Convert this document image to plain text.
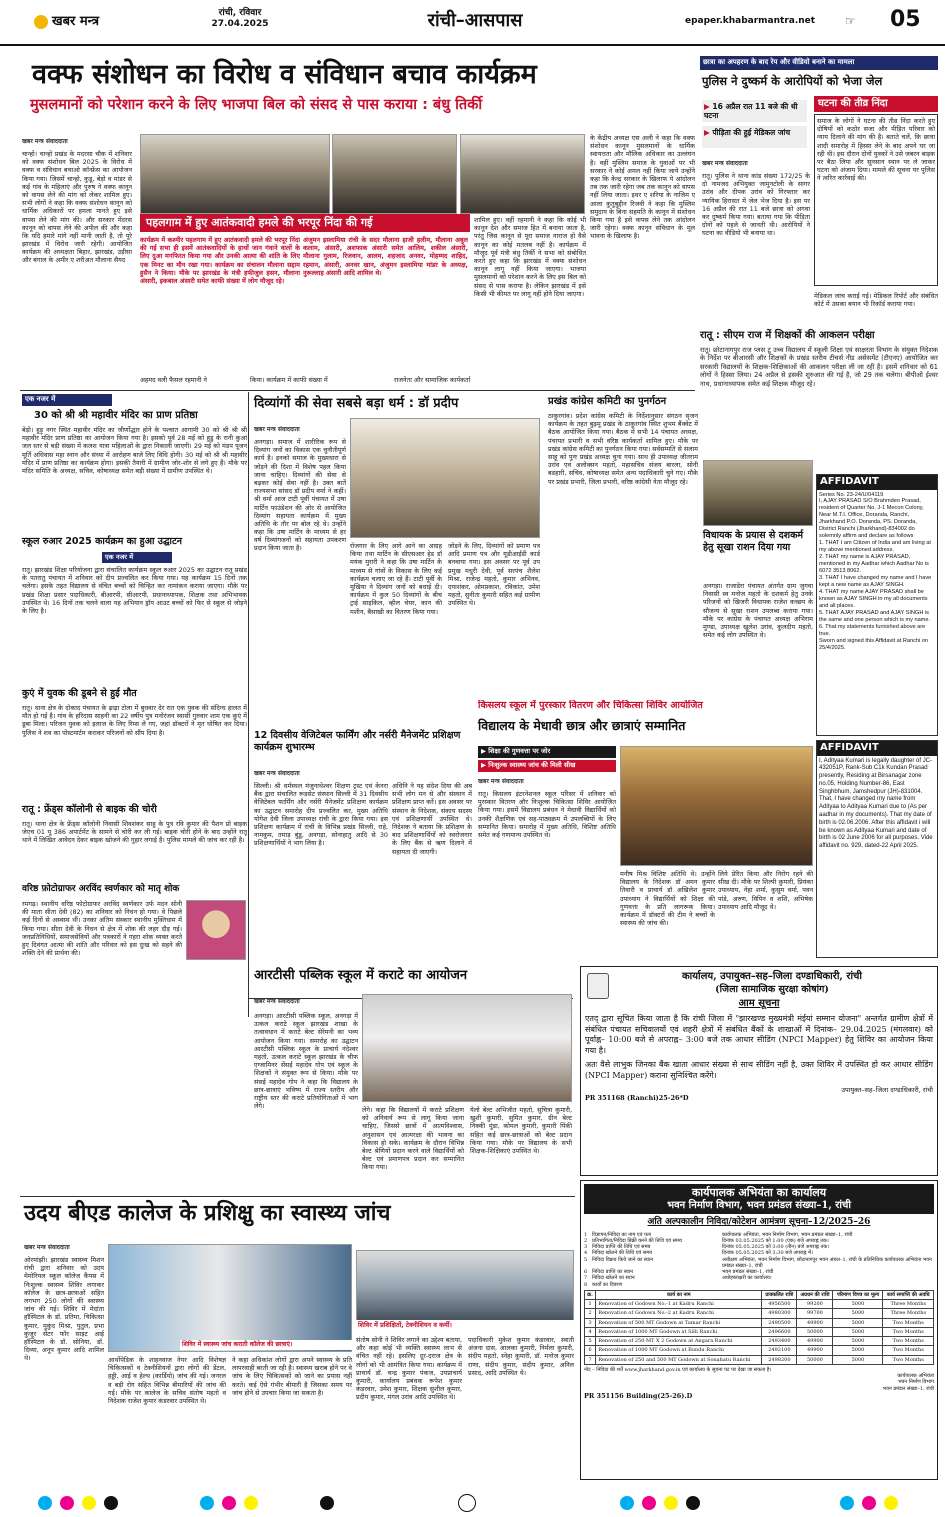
खबर मन्त्र
रांची, रविवार
27.04.2025	रांची–आसपास	epaper.khabarmantra.net ☞ 05
वक्फ संशोधन का विरोध व संविधान बचाव कार्यक्रम
मुसलमानों को परेशान करने के लिए भाजपा बिल को संसद से पास कराया : बंधु तिर्की
खबर मन्त्र संवाददाता
चान्हो। चान्हो प्रखंड के मदरसा चौक में शनिवार को वक्फ संशोधन बिल 2025 के विरोध में वक्फ व संविधान बचाओ कॉन्फ्रेंस का आयोजन किया गया। जिसमें चान्हो, कुडू, बेड़ो व मांडर से कई गांव के महिलाएं और पुरुष ने वक्फ कानून को वापस लेने की मांग को लेकर शामिल हुए। सभी लोगों ने कहा कि वक्फ संशोधन कानून को धार्मिक अधिकारों पर हमला मानते हुए इसे वापस लेने की मांग की। और सरकार मेंदरस कानून को वापस लेने की अपील की और कहा कि यदि हमारे मांगे नहीं मानी जाती है, तो पूरे झारखंड में विरोध जारी रहेगी। आयोजित कार्यक्रम की अध्यक्षता बिहार, झारखंड, उड़ीसा और बंगाल के अमीर ए शरीअत मौलाना सैयद
के केंद्रीय अध्यक्ष एस अली ने कहा कि वक्फ संशोधन कानून मुसलमानों के धार्मिक स्वायत्तता और मौलिक अधिकार का उल्लंघन है। वहीं मुस्लिम समाज के युवाओं पर भी सरकार ने कोई अमल नहीं किया जाये उन्होंने कहा कि केन्द्र सरकार के खिलाफ ये आंदोलन तब तक जारी रहेगा जब तक कानून को वापस नहीं लिया जाता। इधर ए शरिया के नाजिम ए आला कुतुबुद्दीन रिजवी ने कहा कि मुस्लिम समुदाय के बिना सहमति के कानून में संशोधन किया गया है इसे वापस लेने तक आंदोलन जारी रहेगा। वक्फ कानून संविधान के मूल भावना के खिलाफ है।
पहलगाम में हुए आतंकवादी हमले की भरपूर निंदा की गई
कार्यक्रम में कश्मीर पहलगाम में हुए आतंकवादी हमले की भरपूर निंदा की गई सभा ही इसमें आतंकवादियों के हाथों जान गंवाने वालों के लिए दुआ मगफिरत किया गया और उनकी आत्मा की शांति के लिए एक मिनट का मौन रखा गया। कार्यक्रम का संचालन मौलाना सद्दाम हुसैन ने किया। मौके पर झारखंड के मंत्री हफीजुल हसन, मौलाना अंसारी, इकबाल अंसारी समेत काफी संख्या में लोग मौजूद रहे।
अंजुमन इस्लामिया रांची के सदर मौलाना हाजी हलीम, मौलाना अबुल कलाम, अंसारी, अशफाक अंसारी समेत आलिम, शकील अंसारी, मौलाना गुलाम, रिजवान, आलम, शहजाद अनवर, मोहम्मद शाहिद, रहमान, अंसारी, अनवर खान, अंजुमन इस्लामिया मांडर के अध्यक्ष, नुरूल्लाह अंसारी आदि शामिल थे।
शामिल हुए। वहीं रहमानी ने कहा कि कोई भी कानून देश और समाज हित में बनाया जाता है, परंतु जिस कानून से पूरा समाज नाराज हो वैसे कानून का कोई मतलब नहीं है। कार्यक्रम में मौजूद पूर्व मंत्री बंधु तिर्की ने सभा को संबोधित करते हुए कहा कि झारखंड में वक्फ संशोधन कानून लागू नहीं किया जाएगा। भाजपा मुसलमानों को परेशान करने के लिए इस बिल को संसद से पास कराया है। लेकिन झारखंड में इसे किसी भी कीमत पर लागू नहीं होने दिया जाएगा।
अहमद वली फैसल रहमानी ने	किया। कार्यक्रम में काफी संख्या में	राजनेता और सामाजिक कार्यकर्ता
छात्रा का अपहरण के बाद रेप और वीडियो बनाने का मामला
पुलिस ने दुष्कर्म के आरोपियों को भेजा जेल
▶ 16 अप्रैल रात 11 बजे की थी घटना
▶ पीड़िता की हुई मेडिकल जांच
खबर मन्त्र संवाददाता
रातू। पुलिस ने थाना कांड संख्या 172/25 के दो नामजद अभियुक्त जामुनटोली के सागर उरांव और दीपक उरांव को गिरफ्तार कर न्यायिक हिरासत में जेल भेज दिया है। इस पर 16 अप्रैल की रात 11 बजे छात्रा को अगवा कर दुष्कर्म किया गया। बताया गया कि पीड़िता दोनों को पहले से जानती थी। आरोपियों ने घटना का वीडियो भी बनाया था।
घटना की तीव्र निंदा
समाज के लोगों ने घटना की तीव्र निंदा करते हुए दोषियों को कठोर सजा और पीड़ित परिवार को न्याय दिलाने की मांग की है। बताते चलें, कि छात्रा शादी समारोह में हिस्सा लेने के बाद अपने घर जा रही थी। इस दौरान दोनों युवकों ने उसे जबरन बाइक पर बैठा लिया और सुनसान स्थान पर ले जाकर घटना को अंजाम दिया। मामले की सूचना पर पुलिस ने त्वरित कार्रवाई की।
मेडिकल जांच कराई गई। मेडिकल रिपोर्ट और संबंधित कोर्ट में उसका बयान भी रिकॉर्ड कराया गया।
रातू : सीएम राज में शिक्षकों की आकलन परीक्षा
रातू। छोटानागपुर राज प्लस टू उच्च विद्यालय में स्कूली शिक्षा एवं साक्षरता विभाग के संयुक्त निदेशक के निर्देश पर बीआरसी और शिक्षकों के प्रखंड स्तरीय टीचर्स नीड असेसमेंट (टीएनए) आयोजित कर सरकारी विद्यालयों के शिक्षक-शिक्षिकाओं की आकलन परीक्षा ली जा रही है। इसमें शनिवार को 61 लोगों ने हिस्सा लिया। 24 अप्रैल से इसकी शुरुआत की गई है, जो 29 तक चलेगा। बीपीओ ईश्वर नाथ, प्रधानाध्यापक समेत कई शिक्षक मौजूद रहे।
एक नजर में
30 को श्री श्री महावीर मंदिर का प्राण प्रतिष्ठा
बेड़ो। हुड़ु नगर स्थित महावीर मंदिर का जीर्णोद्धार होने के पश्चात आगामी 30 को श्री श्री श्री महावीर मंदिर प्राण प्रतिष्ठा का आयोजन किया गया है। इसको पूर्व 28 मई को हुडु के रानी कुआं जल स्तर से बड़ी संख्या में कलश यात्रा महिलाओं के द्वारा निकाली जाएगी। 29 मई को मंडप पूजन मूर्ति अधिवास महा स्नान और संध्या में आरोहण बाजे लिए विधि होगी। 30 मई को श्री श्री महावीर मंदिर में प्राण प्रतिष्ठा का कार्यक्रम होगा। इसकी तैयारी में ग्रामीण जोर-शोर से लगे हुए हैं। मौके पर मंदिर समिति के अध्यक्ष, सचिव, कोषाध्यक्ष समेत बड़ी संख्या में ग्रामीण उपस्थित थे।
स्कूल रुआर 2025 कार्यक्रम का हुआ उद्घाटन
एक नजर में
रातू। झारखंड शिक्षा परियोजना द्वारा संचालित कार्यक्रम स्कूल रुआर 2025 का उद्घाटन रातू प्रखंड के पतरातु पंचायत में शनिवार को दीप प्रज्वलित कर किया गया। यह कार्यक्रम 15 दिनों तक चलेगा। इसके तहत विद्यालय से वंचित बच्चों को चिन्हित कर नामांकन कराया जाएगा। मौके पर प्रखंड शिक्षा प्रसार पदाधिकारी, बीआरपी, सीआरपी, प्रधानाध्यापक, शिक्षक तथा अभिभावक उपस्थित थे। 16 दिनों तक चलने वाला यह अभियान ड्रॉप आउट बच्चों को फिर से स्कूल से जोड़ने के लिए है।
कुएं में युवक की डूबने से हुई मौत
रातू। थाना क्षेत्र के दोकाद पंचायत के ढ़ाढ़ा टोला में बुधवार देर रात एक युवक की संदिग्ध हालत में मौत हो गई है। गांव के हरिदास साहनी का 22 वर्षीय पुत्र मनोरंजन स्वासी गुरुवार शाम एक कुएं में डूबा मिला। परिजन युवक को इलाज के लिए रिम्स ले गए, जहां डॉक्टरों ने मृत घोषित कर दिया। पुलिस ने शव का पोस्टमार्टम कराकर परिजनों को सौंप दिया है।
रातू : फ्रेंड्स कॉलोनी से बाइक की चोरी
रातू। थाना क्षेत्र के फ्रेंड्स कॉलोनी निवासी शिवशंकर साहु के पुत्र रवि कुमार की पैशन प्रो बाइक जेएच 01 यू 386 अपार्टमेंट के सामने से चोरी कर ली गई। बाइक चोरी होने के बाद उन्होंने रातू थाने में लिखित आवेदन देकर बाइक खोजने की गुहार लगाई है। पुलिस मामले की जांच कर रही है।
वरिष्ठ फ़ोटोग्राफर अरविंद स्वर्णकार को मातृ शोक
रमगढ़। स्थानीय वरिष्ठ फोटोग्राफर अरविंद स्वर्णकार उर्फ मदन सोनी की माता सीता देवी (82) का शनिवार को निधन हो गया। वे पिछले कई दिनों से अस्वस्थ थीं। उनका अंतिम संस्कार स्थानीय मुक्तिधाम में किया गया। सीता देवी के निधन से क्षेत्र में शोक की लहर दौड़ गई। जनप्रतिनिधियों, समाजसेवियों और पत्रकारों ने गहरा शोक व्यक्त करते हुए दिवंगत आत्मा की शांति और परिवार को इस दुःख को सहने की शक्ति देने की प्रार्थना की।
दिव्यांगों की सेवा सबसे बड़ा धर्म : डॉ प्रदीप
खबर मन्त्र संवाददाता
अनगड़ा। समाज में शारीरिक रूप से दिव्यांग जनों का विकास एक चुनौतीपूर्ण कार्य है। इनको समाज के मुख्यधारा से जोड़ने की दिशा में विशेष पहल किया जाना चाहिए। दिव्यांगों की सेवा से बढ़कर कोई सेवा नहीं है। उक्त बातें राज्यसभा सांसद डॉ प्रदीप वर्मा ने कहीं। श्री वर्मा आज टाटी पूर्वी पंचायत में उषा मार्टिन फाउंडेशन की ओर से आयोजित दिव्यांग सहायता कार्यक्रम में मुख्य अतिथि के तौर पर बोल रहे थे। उन्होंने कहा कि उषा मार्टिन के माध्यम से हर वर्ष दिव्यांगजनों को सहायता उपकरण प्रदान किया जाता है।	रोजगार के लिए आगे आने का आग्रह किया तथा मार्टिन के सीएसआर हेड डॉ मयंक मुरारी ने कहा कि उषा मार्टिन के माध्यम से गांवों के विकास के लिए कई कार्यक्रम चलाए जा रहे हैं। टाटी पूर्वी के मुखिया ने दिव्यांग जनों को बधाई दी। कार्यक्रम में कुल 50 दिव्यांगों के बीच ट्राई साइकिल, व्हील चेयर, कान की मशीन, बैसाखी का वितरण किया गया।
जोड़ने के लिए, दिव्यांगों को प्रमाण पत्र आदि प्रमाण पत्र और यूडीआईडी कार्ड बनवाया गया। इस अवसर पर पूर्व उप प्रमुख मधुरी देवी, पूर्व सरपंच शैलेश मिश्रा, राजेन्द्र महतो, कुमार अभिनव, दयाशंकर, ओमप्रकाश, रविकांत, उमेश महतो, सुनीता कुमारी सहित कई ग्रामीण उपस्थित थे।
प्रखंड कांग्रेस कमिटी का पुनर्गठन
ठाकुरगांव। प्रदेश कांग्रेस कमिटी के निर्देशानुसार संगठन सृजन कार्यक्रम के तहत बुढ़मू प्रखंड के ठाकुरगांव स्थित शुभम बैंक्वेट में बैठक आयोजित किया गया। बैठक में सभी 14 पंचायत अध्यक्ष, पंचायत प्रभारी व सभी वरिष्ठ कार्यकर्ता शामिल हुए। मौके पर प्रखंड कांग्रेस कमिटी का पुनर्गठन किया गया। सर्वसम्मति से सलाम साहू को पुनः प्रखंड अध्यक्ष चुना गया। साथ ही उपाध्यक्ष जीतराम उरांव एवं अलोक्सन महतो, महासचिव संजय बारला, सोनी बडहारी, सचिव, कोषाध्यक्ष समेत अन्य पदाधिकारी चुने गए। मौके पर प्रखंड प्रभारी, जिला प्रभारी, वरिष्ठ कांग्रेसी नेता मौजूद रहे।
विधायक के प्रयास से दशकर्म हेतु सूखा राशन दिया गया
अनगड़ा। राजाडेरा पंचायत अंतर्गत ग्राम जुगवा निवासी स्व मनोज महतो के दशकर्म हेतु उनके परिजनों को खिजरी विधायक राजेश कच्छप के सौजन्य से सूखा राशन उपलब्ध कराया गया। मौके पर कांग्रेस के पंचायत अध्यक्ष अभिराम मुण्डा, उपाध्यक्ष खुलेश उरांव, कुलदीप महतो, समेत कई लोग उपस्थित थे।
AFFIDAVIT
Series No. 23-24/U/04119
I, AJAY PRASAD S/O Brahmdeo Prasad, resident of Quarter No. J-1 Mecon Colony, Near M.T.I. Office, Doranda, Ranchi, Jharkhand P.O. Doranda, PS. Doranda, District Ranchi (Jharkhand)-834002 do solemnly affirm and declare as follows
1. THAT I am Citizen of India and am living at my above mentioned address.
2. THAT my name is AJAY PRASAD, mentioned in my Aadhar which Aadhar No is 6072 3513 8062.
3. THAT I have changed my name and I have kept a new name as AJAY SINGH.
4. THAT my name AJAY PRASAD shall be known as AJAY SINGH in my all documents and all places.
5. THAT AJAY PRASAD and AJAY SINGH is the same and one person which is my name.
6. That my statements furnished above are true.
Sworn and signed this Affidavit at Ranchi on 25/4/2025.
AFFIDAVIT
I, Adityaa Kumari is legally daughter of JC-432051P, Rank-Sub C1k Kundan Prasad presently, Residing at Birsanagar zone no.05, Holding Number-86, East Singhbhum, Jamshedpur (JH)-831004. That, I have changed my name from Adityaa to Adityaa Kumari due to (As per aadhar in my documents). That my date of birth is 02.06.2006. After this affidavit i will be known as Adityaa Kumari and date of birth is 02 June 2006 for all purposes. Vide affidavit no. 929, dated-22 April 2025.
12 दिवसीय वेजिटेबल फार्मिंग और नर्सरी मैनेजमेंट प्रशिक्षण कार्यक्रम शुभारम्भ
खबर मन्त्र संवाददाता
सिल्ली। श्री धर्मस्थल मंजुनाथेश्वर शिक्षण ट्रस्ट एवं केनरा बैंक द्वारा संचालित रूडसेट संस्थान सिल्ली में 31 दिवसीय वेजिटेबल फार्मिंग और नर्सरी मैनेजमेंट प्रशिक्षण कार्यक्रम का उद्घाटन समारोह दीप प्रज्वलित कर, मुख्य अतिथि योगेश देवी जिला उपाध्यक्ष रांची के द्वारा किया गया। इस प्रशिक्षण कार्यक्रम में रांची के विभिन्न प्रखंड सिल्ली, राहे, नामकुम, तमाड़ बुंडू, अनगड़ा, सोनाहातु आदि से 30 प्रशिक्षणार्थियों ने भाग लिया है।
अधिनि ने यह संदेश दिया की अब सभी लोग मन से और संस्थान में प्रशिक्षण प्राप्त करें। इस अवसर पर संस्थान के निदेशक, संकाय सदस्य एवं प्रशिक्षणार्थी उपस्थित थे। निदेशक ने बताया कि प्रशिक्षण के बाद प्रशिक्षणार्थियों को स्वरोजगार के लिए बैंक से ऋण दिलाने में सहायता दी जाएगी।
किसलय स्कूल में पुरस्कार वितरण और चिकित्सा शिविर आयोजित
विद्यालय के मेधावी छात्र और छात्राएं सम्मानित
▶ शिक्षा की गुणवत्ता पर जोर
▶ निःशुल्क स्वास्थ्य जांच की मिली सीख
खबर मन्त्र संवाददाता
रातू। किसलय इंटरनेशनल स्कूल परिसर में शनिवार को पुरस्कार वितरण और निःशुल्क चिकित्सा शिविर आयोजित किया गया। इसमें विद्यालय प्रबंधन ने मेधावी विद्यार्थियों को उनकी शैक्षणिक एवं सह-पाठ्यक्रम में उपलब्धियों के लिए सम्मानित किया। समारोह में मुख्य अतिथि, विशिष्ट अतिथि समेत कई गणमान्य उपस्थित थे।
मनीष मिश्र विशिष्ट अतिथि थे। उन्होंने विद्यालय के निदेशक डॉ अमन कुमार तिवारी व प्राचार्य डॉ अखिलेश कुमार उपाध्याय ने विद्यार्थियों को शिक्षा की गुणवत्ता के प्रति जागरूक किया। कार्यक्रम में डॉक्टरों की टीम ने बच्चों के स्वास्थ्य की जांच की।
लिये प्रेरित किया और निरोग रहने की सीख दी। मौके पर शिल्पी कुमारी, प्रियंका उपाध्याय, नेहा शर्मा, कुसुम वर्मा, पवन पांडे, अरुण, विपिन व शशि, अभिषेक उपाध्याय आदि मौजूद थे।
आरटीसी पब्लिक स्कूल में कराटे का आयोजन
खबर मन्त्र संवाददाता
अनगड़ा। आरटीसी पब्लिक स्कूल, अनगड़ा में उत्कल कराटे स्कूल झारखंड शाखा के तत्वावधान में कराटे बेल्ट सेरेमनी का भव्य आयोजन किया गया। समारोह का उद्घाटन आरटीसी पब्लिक स्कूल के प्राचार्य नंदेश्वर महतो, उत्कल कराटे स्कूल झारखंड के चीफ एग्जामिनर सेंसई महादेव गोप एवं स्कूल के शिक्षकों ने संयुक्त रूप से किया। मौके पर संसई महादेव गोप ने कहा कि विद्यालय के छात्र-छात्राएं भविष्य में राज्य स्तरीय और राष्ट्रीय स्तर की कराटे प्रतियोगिताओं में भाग लेंगे।	लेंगे। कहा कि विद्यालयों में कराटे प्रशिक्षण को अनिवार्य रूप से लागू किया जाना चाहिए, जिससे छात्रों में आत्मविश्वास, अनुशासन एवं आत्मरक्षा की भावना का विकास हो सके। कार्यक्रम के दौरान विभिन्न बेल्ट श्रेणियों प्रदान करने वाले विद्यार्थियों को बेल्ट एवं प्रमाणपत्र प्रदान कर सम्मानित किया गया।
येलो बेल्ट अभिजीत महतो, सुचित्रा कुमारी, खुशी कुमारी, सुमित कुमार, ग्रीन बेल्ट निक्की मुंडा, कोमल कुमारी, कुमारी पिंकी सहित कई छात्र-छात्राओं को बेल्ट प्रदान किया गया। मौके पर विद्यालय के सभी शिक्षक-शिक्षिकाएं उपस्थित थे।
कार्यालय, उपायुक्त–सह–जिला दण्डाधिकारी, रांची
(जिला सामाजिक सुरक्षा कोषांग)
आम सूचना
एतद् द्वारा सूचित किया जाता है कि रांची जिला में "झारखण्ड मुख्यमंत्री मंईयां सम्मान योजना" अन्तर्गत ग्रामीण क्षेत्रों में संबंधित पंचायत सचिवालयों एवं शहरी क्षेत्रों में संबंधित बैंकों के शाखाओं में दिनांक– 29.04.2025 (मंगलवार) को पूर्वाह्न– 10:00 बजे से अपराह्न– 3:00 बजे तक आधार सीडिंग (NPCI Mapper) हेतु शिविर का आयोजन किया गया है।
अतः वैसे लाभुक जिनका बैंक खाता आधार संख्या से साथ सीडिंग नहीं है, उक्त शिविर में उपस्थित हो कर आधार सीडिंग (NPCI Mapper) कराना सुनिश्चित करेंगे।
उपायुक्त–सह–जिला दण्डाधिकारी, रांची
PR 351168 (Ranchi)25-26*D
कार्यपालक अभियंता का कार्यालय
भवन निर्माण विभाग, भवन प्रमंडल संख्या–1, रांची
अति अल्पकालीन निविदा/कोटेशन आमंत्रण सूचना–12/2025–26
1 विज्ञापन/निविदा का नाम एवं पता	कार्यपालक अभियंता, भवन निर्माण विभाग, भवन प्रमंडल संख्या–1, रांची
2 प्रतिभागिता/निविदा बिक्री करने की तिथि एवं समय	दिनांक 03.05.2025 को 1:00 (एक) बजे अपराह्न तक।
3 निविदा प्राप्ति की तिथि एवं समय	दिनांक 05.05.2025 को 3:00 (तीन) बजे अपराह्न तक।
4 निविदा खोलने की तिथि एवं समय	दिनांक 05.05.2025 को 3:30 बजे अपराह्न में।
5 निविदा विक्रय किये जाने का स्थान	अधीक्षण अभियंता, भवन निर्माण विभाग, छोटानागपुर भवन अंचल–1, रांची के प्रतिनिधिक कार्यपालक अभियंता भवन प्रमंडल संख्या–1, रांची
6 निविदा प्राप्ति का स्थान	भवन प्रमंडल संख्या–1, रांची
7 निविदा खोलने का स्थान	अधोहस्ताक्षरी का कार्यालय।
8 कार्यों का विवरण
क्र.	कार्य का नाम	प्राक्कलित राशि	अग्रधन की राशि	परिमाण विपत्र का मूल्य	कार्य समाप्ति की अवधि
1	Renovation of Godown No.-1 at Kadru Ranchi	4956500	99200	5000	Three Months
2	Renovation of Godown No.-2 at Kadru Ranchi	4980300	99700	5000	Three Months
3	Renovation of 500 MT Godown at Tamar Ranchi	2490500	49900	5000	Two Months
4	Renovation of 1000 MT Godown at Silli Ranchi	2496600	50000	5000	Two Months
5	Renovation of 250 MT X 2 Godown at Angara Ranchi	2493400	49900	5000	Two Months
6	Renovation of 1000 MT Godown at Bundu Ranchi	2492100	49900	5000	Two Months
7	Renovation of 250 and 500 MT Godown at Sonahatu Ranchi	2498200	50000	5000	Two Months
नोट – निविदा की शर्तें www.jharkhand.gov.in एवं कार्यालय के सूचना पट पर देखा जा सकता है।
कार्यपालक अभियंता
भवन निर्माण विभाग
भवन प्रमंडल संख्या–1, रांची
PR 351156 Building(25-26).D
उदय बीएड कालेज के प्रशिक्षु का स्वास्थ्य जांच
खबर मन्त्र संवाददाता
ओरमांझी। झारखंड स्वास्थ्य मिशन रांची द्वारा शनिवार को उदय मेमोरियल स्कूल कॉलेज कैंपस में निःशुल्क स्वास्थ्य शिविर लगाकर कॉलेज के छात्र-छात्राओं सहित लगभग 250 लोगों की स्वास्थ्य जांच की गई। शिविर में मेदांता हॉस्पिटल के डॉ. प्रतिमा, चिकित्सा कुमार, मुकुंद मिश्रा, पुतुल, प्रभा कुजूर सेंटर फॉर साइट आई हॉस्पिटल के डॉ. सोनिया, डॉ. दिव्या, अनूप कुमार आदि शामिल थे।
शिविर में स्वास्थ्य जांच कराती कॉलेज की छात्राएं।
आर्थोपेडिक के शाहनवाज नेयर आदि विशेषज्ञ चिकित्सकों व टेक्नीशियनों द्वारा लोगों की डेंटल, हड्डी, आई व हेल्थ (कार्डियो) जांच की गई। जनरल व बड़ी रोग सहित विभिन्न बीमारियों की जांच की गई। मौके पर कालेज के सचिव संतोष महतो व निदेशक राजेश कुमार कंडरवार उपस्थित थे।
ने कहा अधिकांश लोगों द्वारा अपने स्वास्थ्य के प्रति लापरवाही बरती जा रही है। स्वास्थ्य खराब होने पर वे जांच के लिए चिकित्सकों को जाने का प्रयास नहीं करते। कई ऐसे गंभीर बीमारी है जिसका समय पर जांच होने से उपचार किया जा सकता है।
शिविर में प्रशिक्षितों, टेक्नीशियन व कर्मी।
संतोष सोनी ने शिविर लगाने का उद्देश्य बताया, और कहा कोई भी व्यक्ति स्वास्थ्य लाभ से वंचित नहीं रहे। इसलिए दूर-दराज क्षेत्र के लोगों को भी आमंत्रित किया गया। कार्यक्रम में प्राचार्य डॉ. चन्द्र कुमार पंकज, उपप्राचार्य कुमारी, कार्यालय प्रबंधक रूपेश कुमार कंडरवार, उमेश कुमार, शिक्षक सुशील कुमार, प्रदीप कुमार, मंगल उरांव आदि उपस्थित थे।
पदाधिकारी मुकेश कुमार कंडरवार, स्वाती अंजना दास, आलका कुमारी, निर्मला कुमारी, संदीप महतो, स्नेहा कुमारी, डॉ. मनोज कुमार राणा, संदीप कुमार, संदीप कुमार, अनिल प्रसाद, आदि उपस्थित थे।
